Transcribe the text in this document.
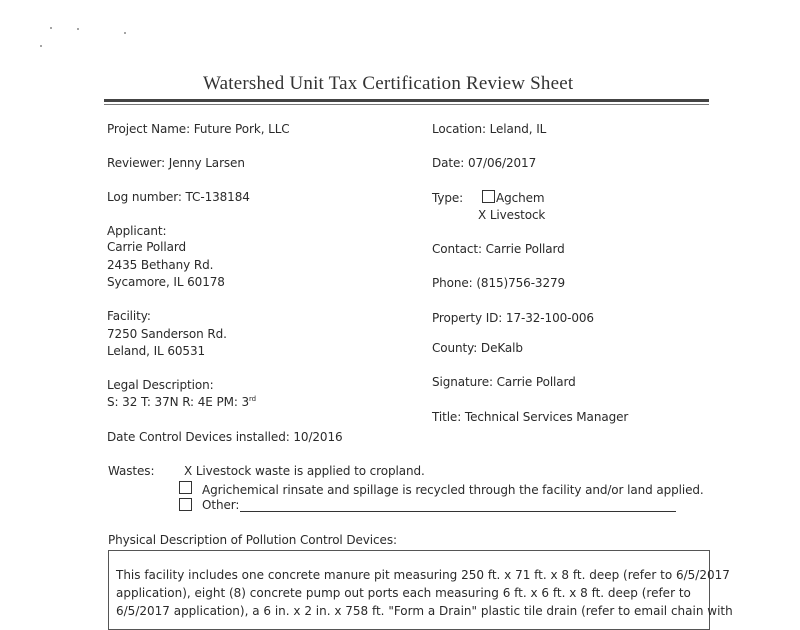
Watershed Unit Tax Certification Review Sheet
Project Name: Future Pork, LLC
Reviewer: Jenny Larsen
Log number: TC-138184
Applicant:
Carrie Pollard
2435 Bethany Rd.
Sycamore, IL 60178
Facility:
7250 Sanderson Rd.
Leland, IL 60531
Legal Description:
S: 32 T: 37N R: 4E PM: 3rd
Date Control Devices installed: 10/2016
Location: Leland, IL
Date: 07/06/2017
Type:	Agchem
X Livestock
Contact: Carrie Pollard
Phone: (815)756-3279
Property ID: 17-32-100-006
County: DeKalb
Signature: Carrie Pollard
Title: Technical Services Manager
Wastes: X Livestock waste is applied to cropland.
Agrichemical rinsate and spillage is recycled through the facility and/or land applied.
Other:
Physical Description of Pollution Control Devices:
This facility includes one concrete manure pit measuring 250 ft. x 71 ft. x 8 ft. deep (refer to 6/5/2017
application), eight (8) concrete pump out ports each measuring 6 ft. x 6 ft. x 8 ft. deep (refer to
6/5/2017 application), a 6 in. x 2 in. x 758 ft. "Form a Drain" plastic tile drain (refer to email chain with
